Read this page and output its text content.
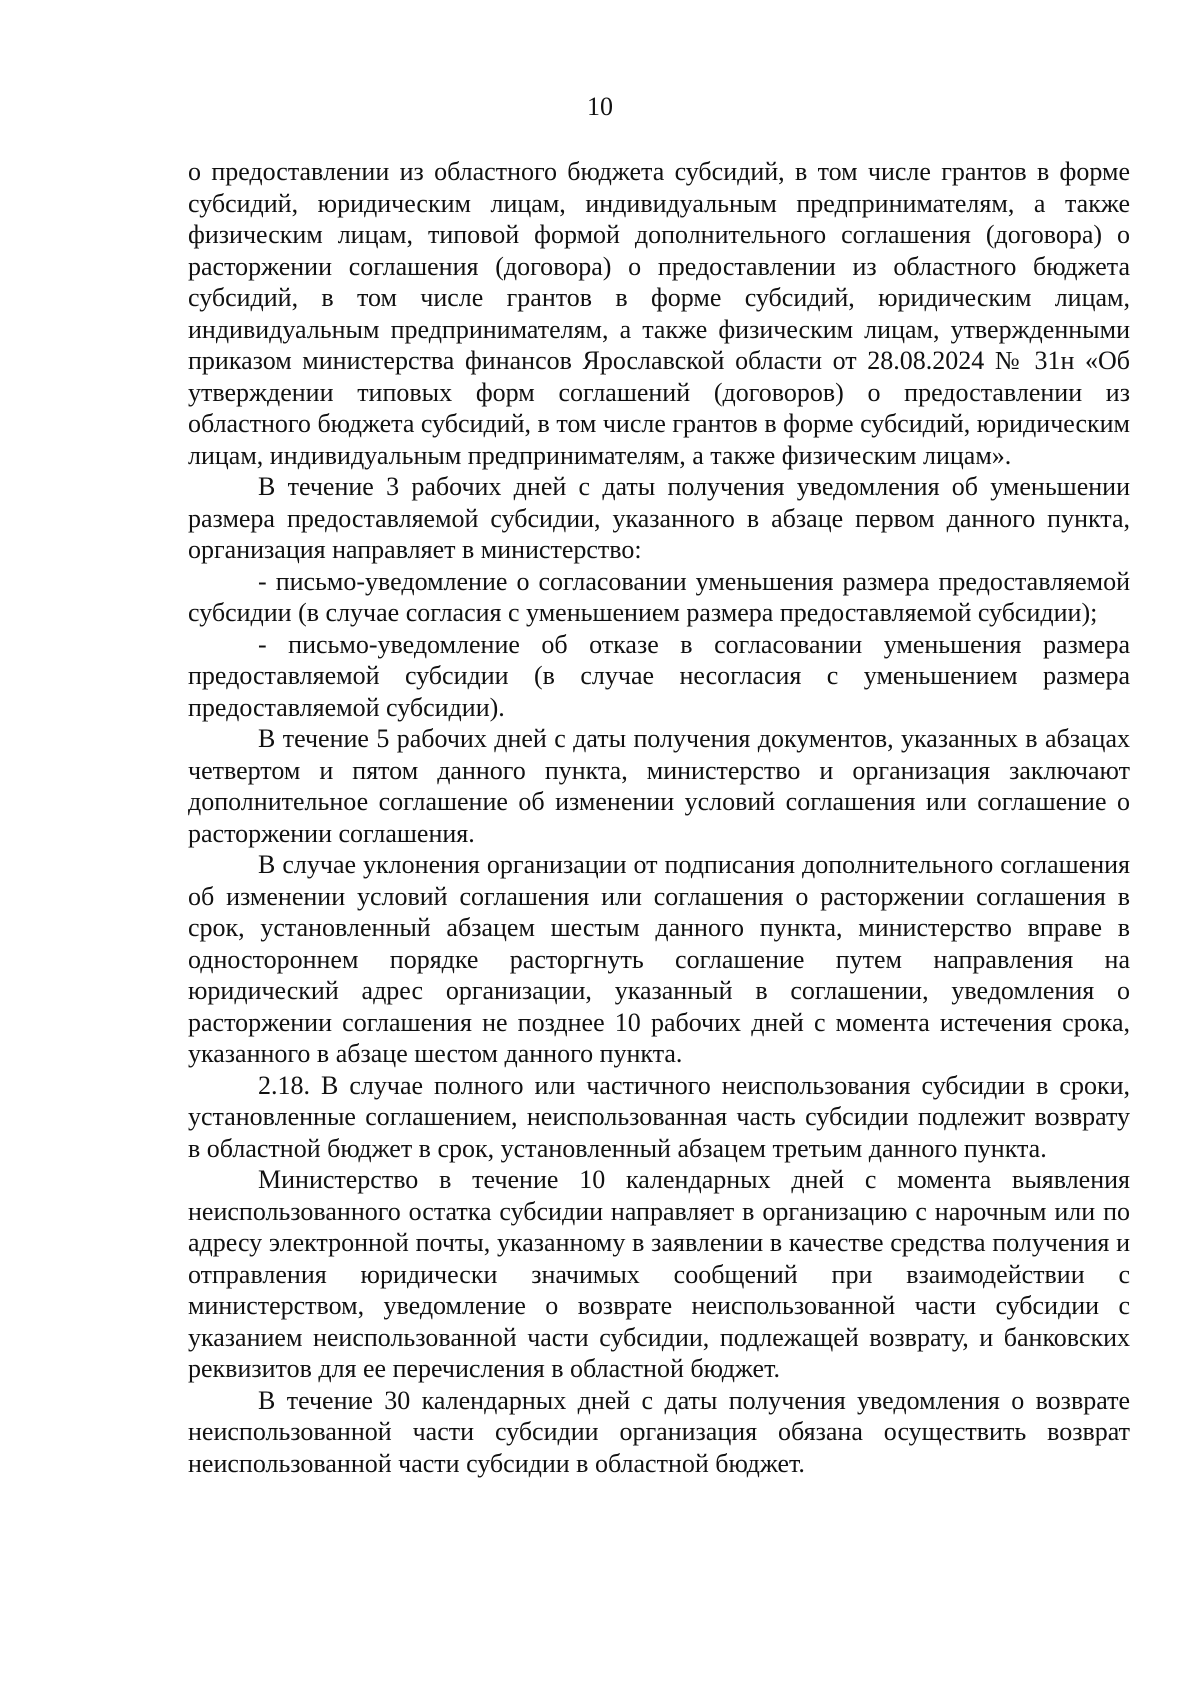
10

о предоставлении из областного бюджета субсидий, в том числе грантов в форме субсидий, юридическим лицам, индивидуальным предпринимателям, а также физическим лицам, типовой формой дополнительного соглашения (договора) о расторжении соглашения (договора) о предоставлении из областного бюджета субсидий, в том числе грантов в форме субсидий, юридическим лицам, индивидуальным предпринимателям, а также физическим лицам, утвержденными приказом министерства финансов Ярославской области от 28.08.2024 № 31н «Об утверждении типовых форм соглашений (договоров) о предоставлении из областного бюджета субсидий, в том числе грантов в форме субсидий, юридическим лицам, индивидуальным предпринимателям, а также физическим лицам».

В течение 3 рабочих дней с даты получения уведомления об уменьшении размера предоставляемой субсидии, указанного в абзаце первом данного пункта, организация направляет в министерство:

- письмо-уведомление о согласовании уменьшения размера предоставляемой субсидии (в случае согласия с уменьшением размера предоставляемой субсидии);

- письмо-уведомление об отказе в согласовании уменьшения размера предоставляемой субсидии (в случае несогласия с уменьшением размера предоставляемой субсидии).

В течение 5 рабочих дней с даты получения документов, указанных в абзацах четвертом и пятом данного пункта, министерство и организация заключают дополнительное соглашение об изменении условий соглашения или соглашение о расторжении соглашения.

В случае уклонения организации от подписания дополнительного соглашения об изменении условий соглашения или соглашения о расторжении соглашения в срок, установленный абзацем шестым данного пункта, министерство вправе в одностороннем порядке расторгнуть соглашение путем направления на юридический адрес организации, указанный в соглашении, уведомления о расторжении соглашения не позднее 10 рабочих дней с момента истечения срока, указанного в абзаце шестом данного пункта.

2.18. В случае полного или частичного неиспользования субсидии в сроки, установленные соглашением, неиспользованная часть субсидии подлежит возврату в областной бюджет в срок, установленный абзацем третьим данного пункта.

Министерство в течение 10 календарных дней с момента выявления неиспользованного остатка субсидии направляет в организацию с нарочным или по адресу электронной почты, указанному в заявлении в качестве средства получения и отправления юридически значимых сообщений при взаимодействии с министерством, уведомление о возврате неиспользованной части субсидии с указанием неиспользованной части субсидии, подлежащей возврату, и банковских реквизитов для ее перечисления в областной бюджет.

В течение 30 календарных дней с даты получения уведомления о возврате неиспользованной части субсидии организация обязана осуществить возврат неиспользованной части субсидии в областной бюджет.
